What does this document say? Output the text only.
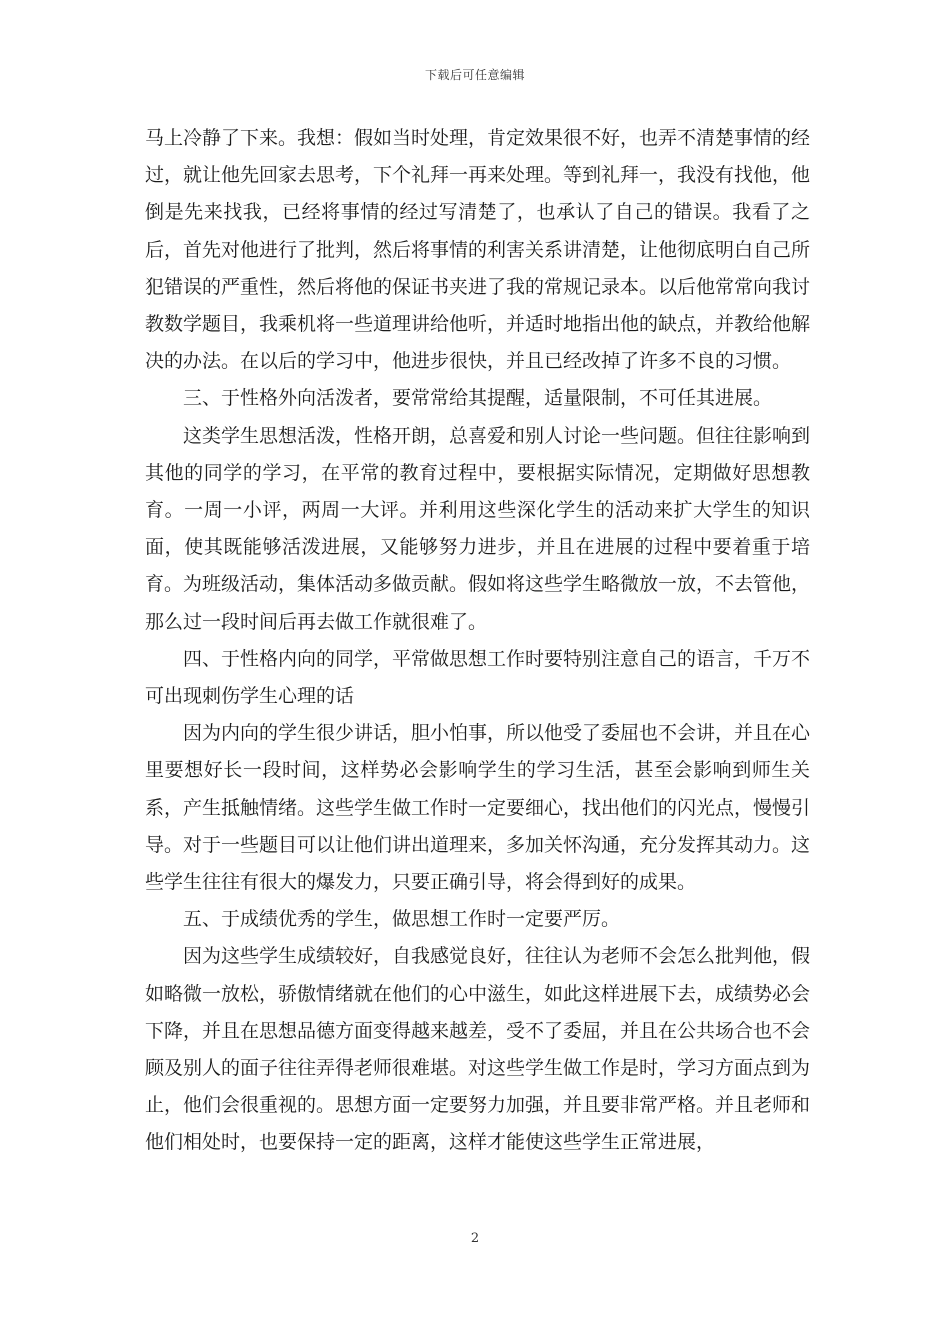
下载后可任意编辑

马上冷静了下来。我想：假如当时处理，肯定效果很不好，也弄不清楚事情的经过，就让他先回家去思考，下个礼拜一再来处理。等到礼拜一，我没有找他，他倒是先来找我，已经将事情的经过写清楚了，也承认了自己的错误。我看了之后，首先对他进行了批判，然后将事情的利害关系讲清楚，让他彻底明白自己所犯错误的严重性，然后将他的保证书夹进了我的常规记录本。以后他常常向我讨教数学题目，我乘机将一些道理讲给他听，并适时地指出他的缺点，并教给他解决的办法。在以后的学习中，他进步很快，并且已经改掉了许多不良的习惯。

三、于性格外向活泼者，要常常给其提醒，适量限制，不可任其进展。

这类学生思想活泼，性格开朗，总喜爱和别人讨论一些问题。但往往影响到其他的同学的学习，在平常的教育过程中，要根据实际情况，定期做好思想教育。一周一小评，两周一大评。并利用这些深化学生的活动来扩大学生的知识面，使其既能够活泼进展，又能够努力进步，并且在进展的过程中要着重于培育。为班级活动，集体活动多做贡献。假如将这些学生略微放一放，不去管他，那么过一段时间后再去做工作就很难了。

四、于性格内向的同学，平常做思想工作时要特别注意自己的语言，千万不可出现刺伤学生心理的话

因为内向的学生很少讲话，胆小怕事，所以他受了委屈也不会讲，并且在心里要想好长一段时间，这样势必会影响学生的学习生活，甚至会影响到师生关系，产生抵触情绪。这些学生做工作时一定要细心，找出他们的闪光点，慢慢引导。对于一些题目可以让他们讲出道理来，多加关怀沟通，充分发挥其动力。这些学生往往有很大的爆发力，只要正确引导，将会得到好的成果。

五、于成绩优秀的学生，做思想工作时一定要严厉。

因为这些学生成绩较好，自我感觉良好，往往认为老师不会怎么批判他，假如略微一放松，骄傲情绪就在他们的心中滋生，如此这样进展下去，成绩势必会下降，并且在思想品德方面变得越来越差，受不了委屈，并且在公共场合也不会顾及别人的面子往往弄得老师很难堪。对这些学生做工作是时，学习方面点到为止，他们会很重视的。思想方面一定要努力加强，并且要非常严格。并且老师和他们相处时，也要保持一定的距离，这样才能使这些学生正常进展，

2
